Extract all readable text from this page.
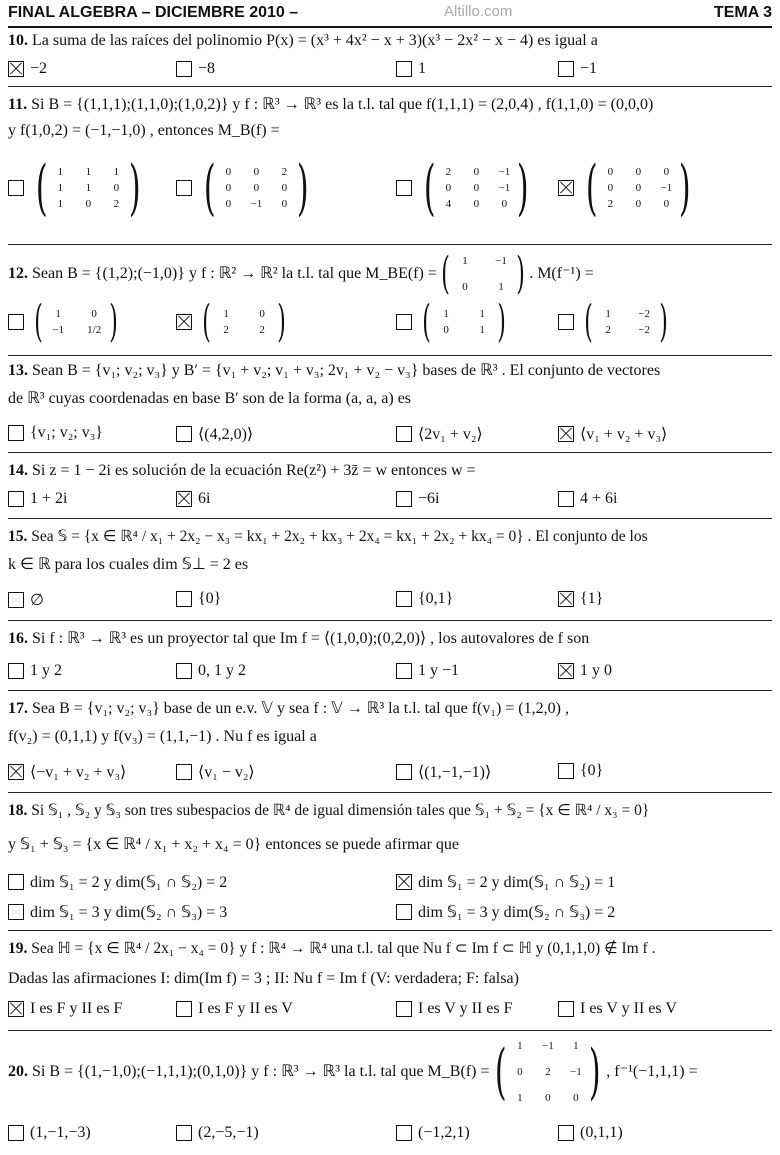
FINAL ALGEBRA – DICIEMBRE 2010 –	Altillo.com	TEMA 3
10. La suma de las raíces del polinomio P(x) = (x³ + 4x² − x + 3)(x³ − 2x² − x − 4) es igual a
−2	−8	1	−1
11. Si B = {(1,1,1);(1,1,0);(1,0,2)} y f : ℝ³ → ℝ³ es la t.l. tal que f(1,1,1) = (2,0,4) , f(1,1,0) = (0,0,0)
y f(1,0,2) = (−1,−1,0) , entonces M_B(f) =
( 1	1	1
1	1	0
1	0	2 ) ( 0	0	2
0	0	0
0	−1	0 ) ( 2	0	−1
0	0	−1
4	0	0 ) ( 0	0	0
0	0	−1
2	0	0 )
12.
Sean B = {(1,2);(−1,0)} y f : ℝ² → ℝ² la t.l. tal que M_BE(f) = (	1	−1
0	1 ) . M(f⁻¹) =
(	1	0
−1	1/2 ) (	1	0
2	2 )	(	1	1
0	1 ) (	1	−2
2	−2 )
13. Sean B = {v₁; v₂; v₃} y B′ = {v₁ + v₂; v₁ + v₃; 2v₁ + v₂ − v₃} bases de ℝ³ . El conjunto de vectores
de ℝ³ cuyas coordenadas en base B′ son de la forma (a, a, a) es
{v₁; v₂; v₃}	⟨(4,2,0)⟩	⟨2v₁ + v₂⟩	⟨v₁ + v₂ + v₃⟩
14. Si z = 1 − 2i es solución de la ecuación Re(z²) + 3z̄ = w entonces w =
1 + 2i	6i	−6i	4 + 6i
15. Sea 𝕊 = {x ∈ ℝ⁴ / x₁ + 2x₂ − x₃ = kx₁ + 2x₂ + kx₃ + 2x₄ = kx₁ + 2x₂ + kx₄ = 0} . El conjunto de los
k ∈ ℝ para los cuales dim 𝕊⊥ = 2 es
∅	{0}	{0,1}	{1}
16. Si f : ℝ³ → ℝ³ es un proyector tal que Im f = ⟨(1,0,0);(0,2,0)⟩ , los autovalores de f son
1 y 2	0, 1 y 2	1 y −1	1 y 0
17. Sea B = {v₁; v₂; v₃} base de un e.v. 𝕍 y sea f : 𝕍 → ℝ³ la t.l. tal que f(v₁) = (1,2,0) ,
f(v₂) = (0,1,1) y f(v₃) = (1,1,−1) . Nu f es igual a
⟨−v₁ + v₂ + v₃⟩	⟨v₁ − v₂⟩	⟨(1,−1,−1)⟩	{0}
18. Si 𝕊₁ , 𝕊₂ y 𝕊₃ son tres subespacios de ℝ⁴ de igual dimensión tales que 𝕊₁ + 𝕊₂ = {x ∈ ℝ⁴ / x₃ = 0}
y 𝕊₁ + 𝕊₃ = {x ∈ ℝ⁴ / x₁ + x₂ + x₄ = 0} entonces se puede afirmar que
dim 𝕊₁ = 2 y dim(𝕊₁ ∩ 𝕊₂) = 2	dim 𝕊₁ = 2 y dim(𝕊₁ ∩ 𝕊₂) = 1
dim 𝕊₁ = 3 y dim(𝕊₂ ∩ 𝕊₃) = 3	dim 𝕊₁ = 3 y dim(𝕊₂ ∩ 𝕊₃) = 2
19. Sea ℍ = {x ∈ ℝ⁴ / 2x₁ − x₄ = 0} y f : ℝ⁴ → ℝ⁴ una t.l. tal que Nu f ⊂ Im f ⊂ ℍ y (0,1,1,0) ∉ Im f .
Dadas las afirmaciones I: dim(Im f) = 3 ; II: Nu f = Im f (V: verdadera; F: falsa)
I es F y II es F	I es F y II es V	I es V y II es F	I es V y II es V
20.
Si B = {(1,−1,0);(−1,1,1);(0,1,0)} y f : ℝ³ → ℝ³ la t.l. tal que M_B(f) = ( 1	−1	1
0	2	−1
1	0	0 ) , f⁻¹(−1,1,1) =
(1,−1,−3)	(2,−5,−1)	(−1,2,1)	(0,1,1)
